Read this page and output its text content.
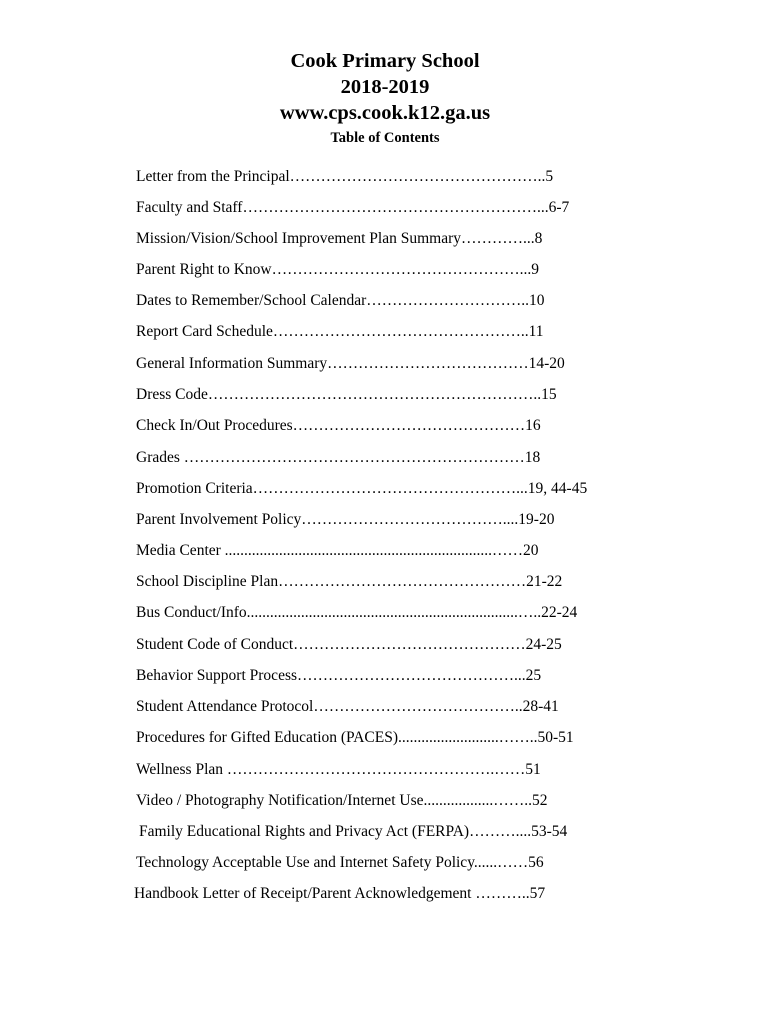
Cook Primary School
2018-2019
www.cps.cook.k12.ga.us
Table of Contents
Letter from the Principal…………………………………………..5
Faculty and Staff…………………………………………………...6-7
Mission/Vision/School Improvement Plan Summary…………...8
Parent Right to Know…………………………………………...9
Dates to Remember/School Calendar…………………………..10
Report Card Schedule…………………………………………..11
General Information Summary…………………………………14-20
Dress Code………………………………………………………..15
Check In/Out Procedures………………………………………16
Grades …………………………………………………………18
Promotion Criteria……………………………………………...19, 44-45
Parent Involvement Policy…………………………………....19-20
Media Center .....................................................................……20
School Discipline Plan…………………………………………21-22
Bus Conduct/Info......................................................................…..22-24
Student Code of Conduct………………………………………24-25
Behavior Support Process……………………………………...25
Student Attendance Protocol…………………………………..28-41
Procedures for Gifted Education (PACES)..........................……..50-51
Wellness Plan …………………………………………….……51
Video / Photography Notification/Internet Use..................……..52
Family Educational Rights and Privacy Act (FERPA)………....53-54
Technology Acceptable Use and Internet Safety Policy......……56
Handbook Letter of Receipt/Parent Acknowledgement ………..57
